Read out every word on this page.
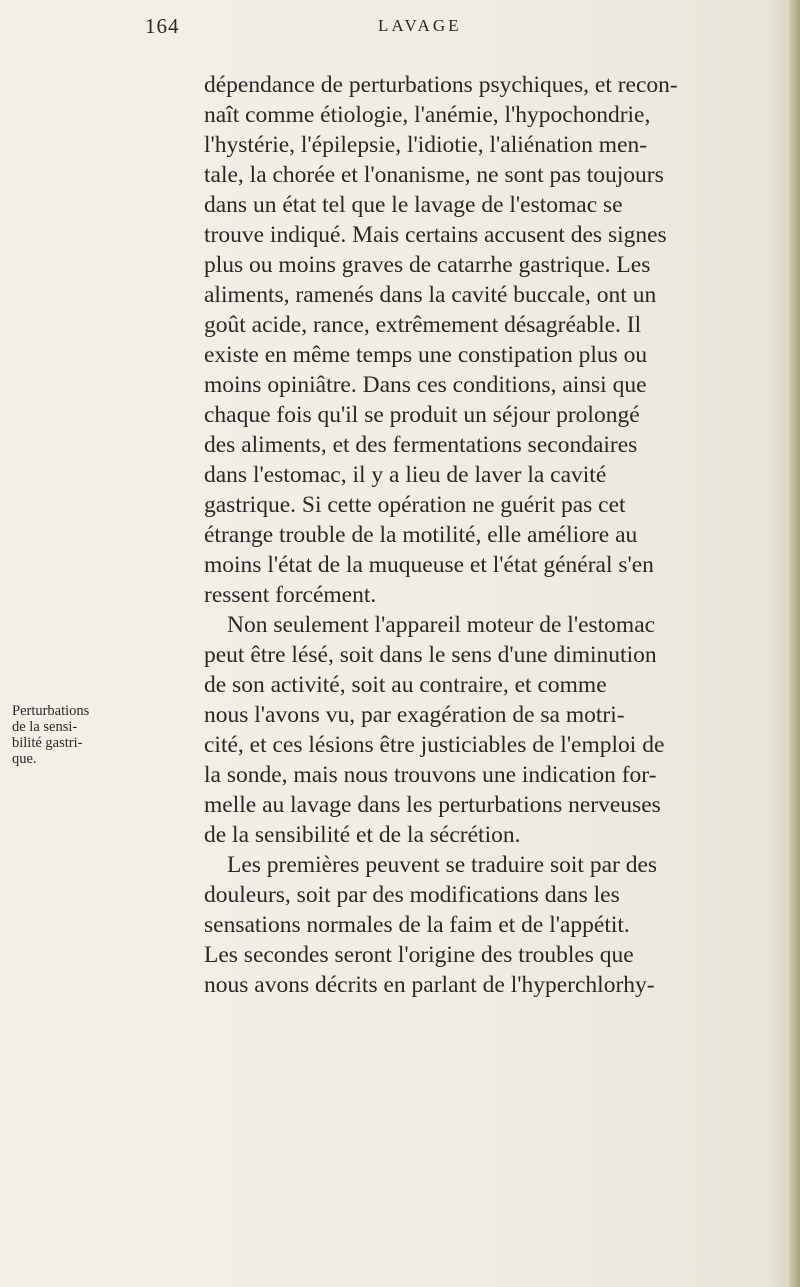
164	LAVAGE
dépendance de perturbations psychiques, et recon-
naît comme étiologie, l'anémie, l'hypochondrie,
l'hystérie, l'épilepsie, l'idiotie, l'aliénation men-
tale, la chorée et l'onanisme, ne sont pas toujours
dans un état tel que le lavage de l'estomac se
trouve indiqué. Mais certains accusent des signes
plus ou moins graves de catarrhe gastrique. Les
aliments, ramenés dans la cavité buccale, ont un
goût acide, rance, extrêmement désagréable. Il
existe en même temps une constipation plus ou
moins opiniâtre. Dans ces conditions, ainsi que
chaque fois qu'il se produit un séjour prolongé
des aliments, et des fermentations secondaires
dans l'estomac, il y a lieu de laver la cavité
gastrique. Si cette opération ne guérit pas cet
étrange trouble de la motilité, elle améliore au
moins l'état de la muqueuse et l'état général s'en
ressent forcément.
Non seulement l'appareil moteur de l'estomac
peut être lésé, soit dans le sens d'une diminution
de son activité, soit au contraire, et comme
nous l'avons vu, par exagération de sa motri-
cité, et ces lésions être justiciables de l'emploi de
la sonde, mais nous trouvons une indication for-
melle au lavage dans les perturbations nerveuses
de la sensibilité et de la sécrétion.
Les premières peuvent se traduire soit par des
douleurs, soit par des modifications dans les
sensations normales de la faim et de l'appétit.
Les secondes seront l'origine des troubles que
nous avons décrits en parlant de l'hyperchlorhy-
Perturbations
de la sensi-
bilité gastri-
que.
